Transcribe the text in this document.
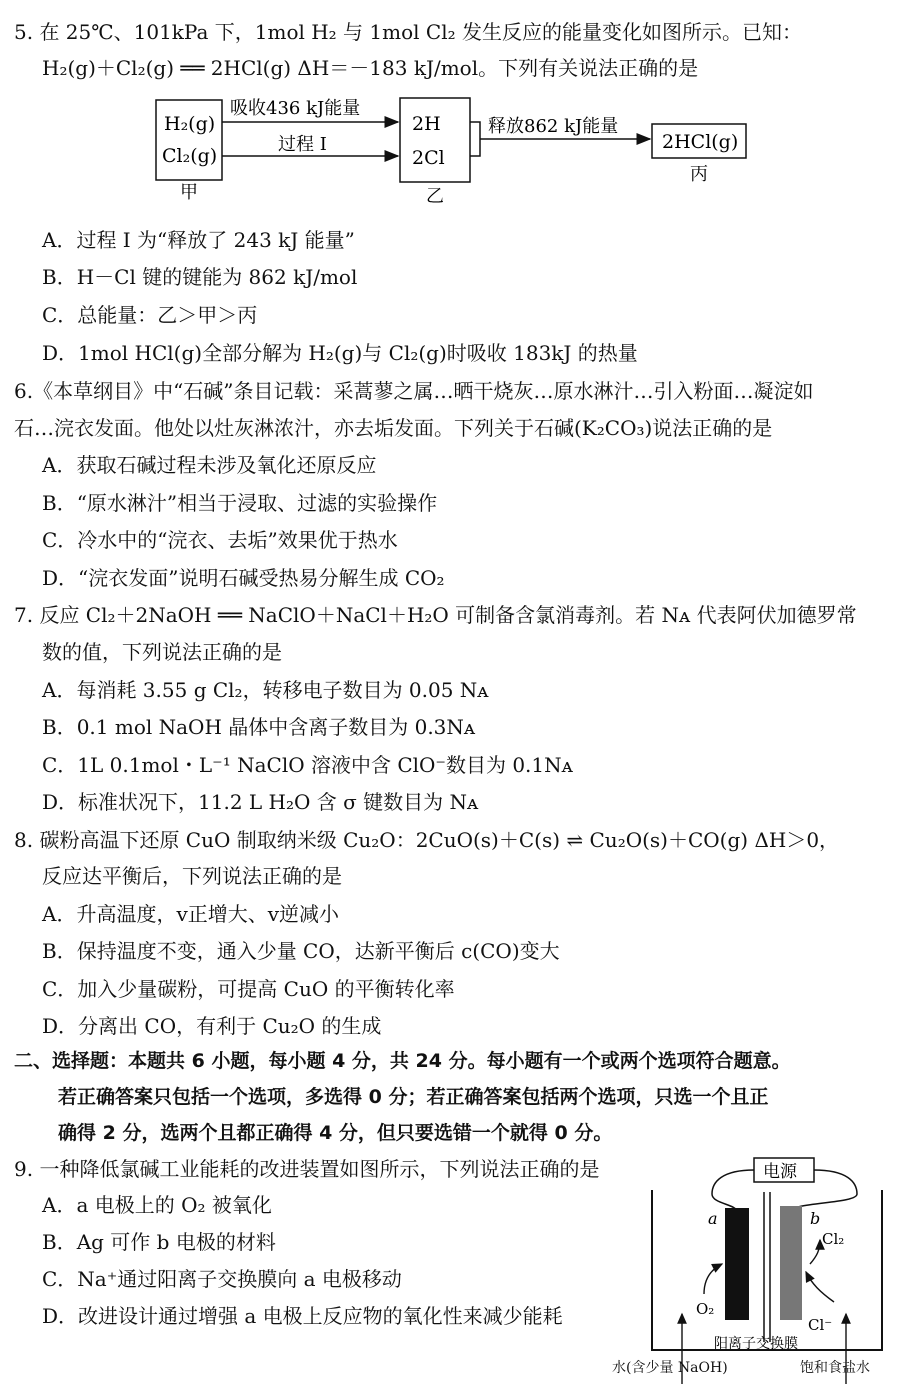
5. 在 25℃、101kPa 下，1mol H₂ 与 1mol Cl₂ 发生反应的能量变化如图所示。已知：
H₂(g)＋Cl₂(g) ══ 2HCl(g) ΔH＝－183 kJ/mol。下列有关说法正确的是
H₂(g)
Cl₂(g)
甲
吸收436 kJ能量
过程 I
2H
2Cl
乙
释放862 kJ能量
2HCl(g)
丙
A．过程 I 为“释放了 243 kJ 能量”
B．H－Cl 键的键能为 862 kJ/mol
C．总能量：乙＞甲＞丙
D．1mol HCl(g)全部分解为 H₂(g)与 Cl₂(g)时吸收 183kJ 的热量
6.《本草纲目》中“石碱”条目记载：采蒿蓼之属…晒干烧灰…原水淋汁…引入粉面…凝淀如
石…浣衣发面。他处以灶灰淋浓汁，亦去垢发面。下列关于石碱(K₂CO₃)说法正确的是
A．获取石碱过程未涉及氧化还原反应
B．“原水淋汁”相当于浸取、过滤的实验操作
C．冷水中的“浣衣、去垢”效果优于热水
D．“浣衣发面”说明石碱受热易分解生成 CO₂
7. 反应 Cl₂＋2NaOH ══ NaClO＋NaCl＋H₂O 可制备含氯消毒剂。若 Nᴀ 代表阿伏加德罗常
数的值，下列说法正确的是
A．每消耗 3.55 g Cl₂，转移电子数目为 0.05 Nᴀ
B．0.1 mol NaOH 晶体中含离子数目为 0.3Nᴀ
C．1L 0.1mol・L⁻¹ NaClO 溶液中含 ClO⁻数目为 0.1Nᴀ
D．标准状况下，11.2 L H₂O 含 σ 键数目为 Nᴀ
8. 碳粉高温下还原 CuO 制取纳米级 Cu₂O：2CuO(s)＋C(s) ⇌ Cu₂O(s)＋CO(g) ΔH＞0，
反应达平衡后，下列说法正确的是
A．升高温度，v正增大、v逆减小
B．保持温度不变，通入少量 CO，达新平衡后 c(CO)变大
C．加入少量碳粉，可提高 CuO 的平衡转化率
D．分离出 CO，有利于 Cu₂O 的生成
二、选择题：本题共 6 小题，每小题 4 分，共 24 分。每小题有一个或两个选项符合题意。
若正确答案只包括一个选项，多选得 0 分；若正确答案包括两个选项，只选一个且正
确得 2 分，选两个且都正确得 4 分，但只要选错一个就得 0 分。
9. 一种降低氯碱工业能耗的改进装置如图所示，下列说法正确的是
A．a 电极上的 O₂ 被氧化
B．Ag 可作 b 电极的材料
C．Na⁺通过阳离子交换膜向 a 电极移动
D．改进设计通过增强 a 电极上反应物的氧化性来减少能耗
电源
a	b
O₂
Cl₂
Cl⁻
阳离子交换膜
水(含少量 NaOH)	饱和食盐水
